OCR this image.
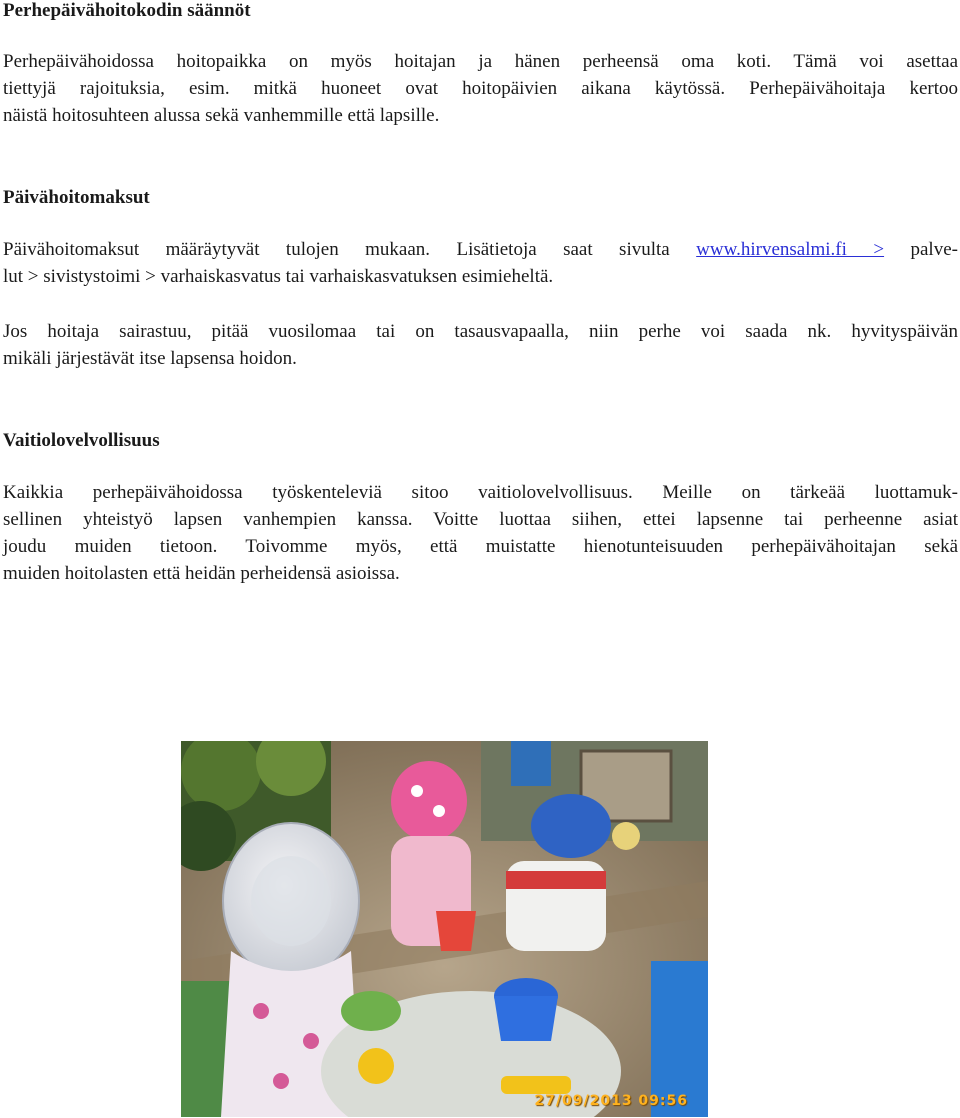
Perhepäivähoitokodin säännöt
Perhepäivähoidossa hoitopaikka on myös hoitajan ja hänen perheensä oma koti. Tämä voi asettaa
tiettyjä rajoituksia, esim. mitkä huoneet ovat hoitopäivien aikana käytössä. Perhepäivähoitaja kertoo
näistä hoitosuhteen alussa sekä vanhemmille että lapsille.
Päivähoitomaksut
Päivähoitomaksut määräytyvät tulojen mukaan. Lisätietoja saat sivulta www.hirvensalmi.fi > palve-
lut > sivistystoimi > varhaiskasvatus tai varhaiskasvatuksen esimieheltä.
Jos hoitaja sairastuu, pitää vuosilomaa tai on tasausvapaalla, niin perhe voi saada nk. hyvityspäivän
mikäli järjestävät itse lapsensa hoidon.
Vaitiolovelvollisuus
Kaikkia perhepäivähoidossa työskenteleviä sitoo vaitiolovelvollisuus. Meille on tärkeää luottamuk-
sellinen yhteistyö lapsen vanhempien kanssa. Voitte luottaa siihen, ettei lapsenne tai perheenne asiat
joudu muiden tietoon. Toivomme myös, että muistatte hienotunteisuuden perhepäivähoitajan sekä
muiden hoitolasten että heidän perheidensä asioissa.
27/09/2013 09:56
